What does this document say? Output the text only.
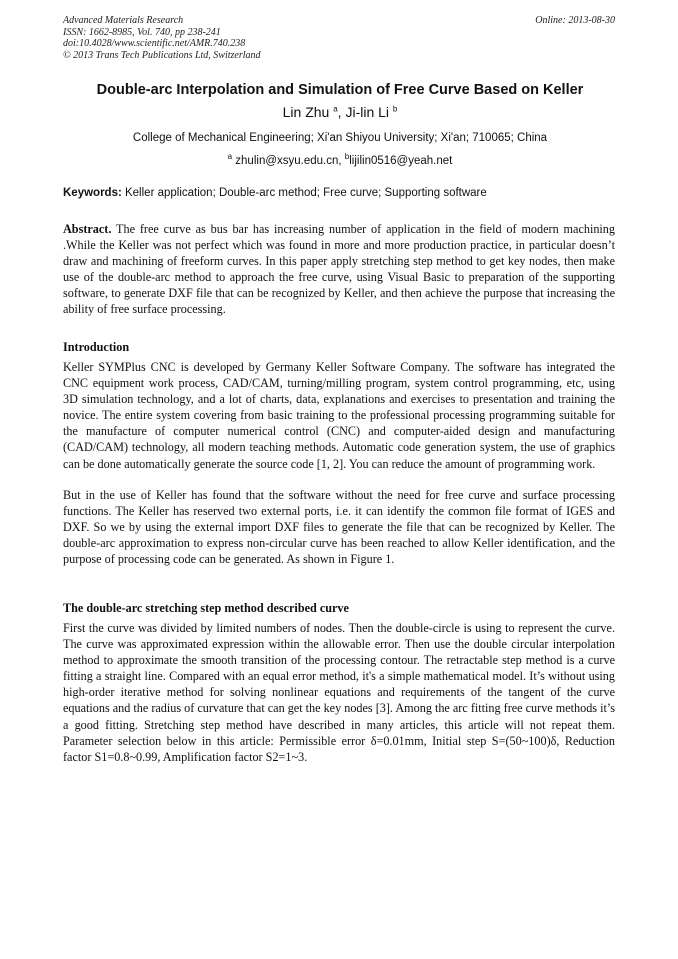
Advanced Materials Research
ISSN: 1662-8985, Vol. 740, pp 238-241
doi:10.4028/www.scientific.net/AMR.740.238
© 2013 Trans Tech Publications Ltd, Switzerland
Online: 2013-08-30
Double-arc Interpolation and Simulation of Free Curve Based on Keller
Lin Zhu $^a$, Ji-lin Li $^b$
College of Mechanical Engineering; Xi'an Shiyou University; Xi'an; 710065; China
$^a$ zhulin@xsyu.edu.cn, $^b$lijilin0516@yeah.net
Keywords: Keller application; Double-arc method; Free curve; Supporting software
Abstract. The free curve as bus bar has increasing number of application in the field of modern machining .While the Keller was not perfect which was found in more and more production practice, in particular doesn’t draw and machining of freeform curves. In this paper apply stretching step method to get key nodes, then make use of the double-arc method to approach the free curve, using Visual Basic to preparation of the supporting software, to generate DXF file that can be recognized by Keller, and then achieve the purpose that increasing the ability of free surface processing.
Introduction
Keller SYMPlus CNC is developed by Germany Keller Software Company. The software has integrated the CNC equipment work process, CAD/CAM, turning/milling program, system control programming, etc, using 3D simulation technology, and a lot of charts, data, explanations and exercises to presentation and training the novice. The entire system covering from basic training to the professional processing programming suitable for the manufacture of computer numerical control (CNC) and computer-aided design and manufacturing (CAD/CAM) technology, all modern teaching methods. Automatic code generation system, the use of graphics can be done automatically generate the source code [1, 2]. You can reduce the amount of programming work.
But in the use of Keller has found that the software without the need for free curve and surface processing functions. The Keller has reserved two external ports, i.e. it can identify the common file format of IGES and DXF. So we by using the external import DXF files to generate the file that can be recognized by Keller. The double-arc approximation to express non-circular curve has been reached to allow Keller identification, and the purpose of processing code can be generated. As shown in Figure 1.
The double-arc stretching step method described curve
First the curve was divided by limited numbers of nodes. Then the double-circle is using to represent the curve. The curve was approximated expression within the allowable error. Then use the double circular interpolation method to approximate the smooth transition of the processing contour. The retractable step method is a curve fitting a straight line. Compared with an equal error method, it's a simple mathematical model. It’s without using high-order iterative method for solving nonlinear equations and requirements of the tangent of the curve equations and the radius of curvature that can get the key nodes [3]. Among the arc fitting free curve methods it’s a good fitting. Stretching step method have described in many articles, this article will not repeat them. Parameter selection below in this article: Permissible error δ=0.01mm, Initial step S=(50~100)δ, Reduction factor S1=0.8~0.99, Amplification factor S2=1~3.
